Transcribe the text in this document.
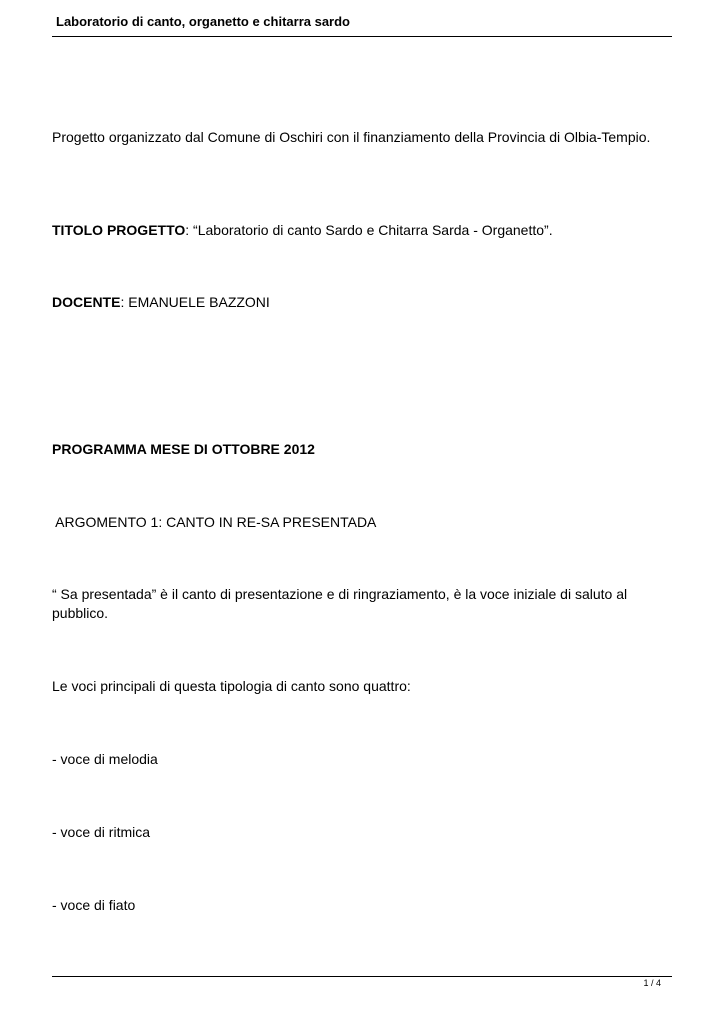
Laboratorio di canto, organetto e chitarra sardo
Progetto organizzato dal Comune di Oschiri con il finanziamento della Provincia di Olbia-Tempio.
TITOLO PROGETTO: “Laboratorio di canto Sardo e Chitarra Sarda - Organetto”.
DOCENTE: EMANUELE BAZZONI
PROGRAMMA MESE DI OTTOBRE 2012
ARGOMENTO 1: CANTO IN RE-SA PRESENTADA
“ Sa presentada” è il canto di presentazione e di ringraziamento, è la voce iniziale di saluto al pubblico.
Le voci principali di questa tipologia di canto sono quattro:
- voce di melodia
- voce di ritmica
- voce di fiato
1 / 4
